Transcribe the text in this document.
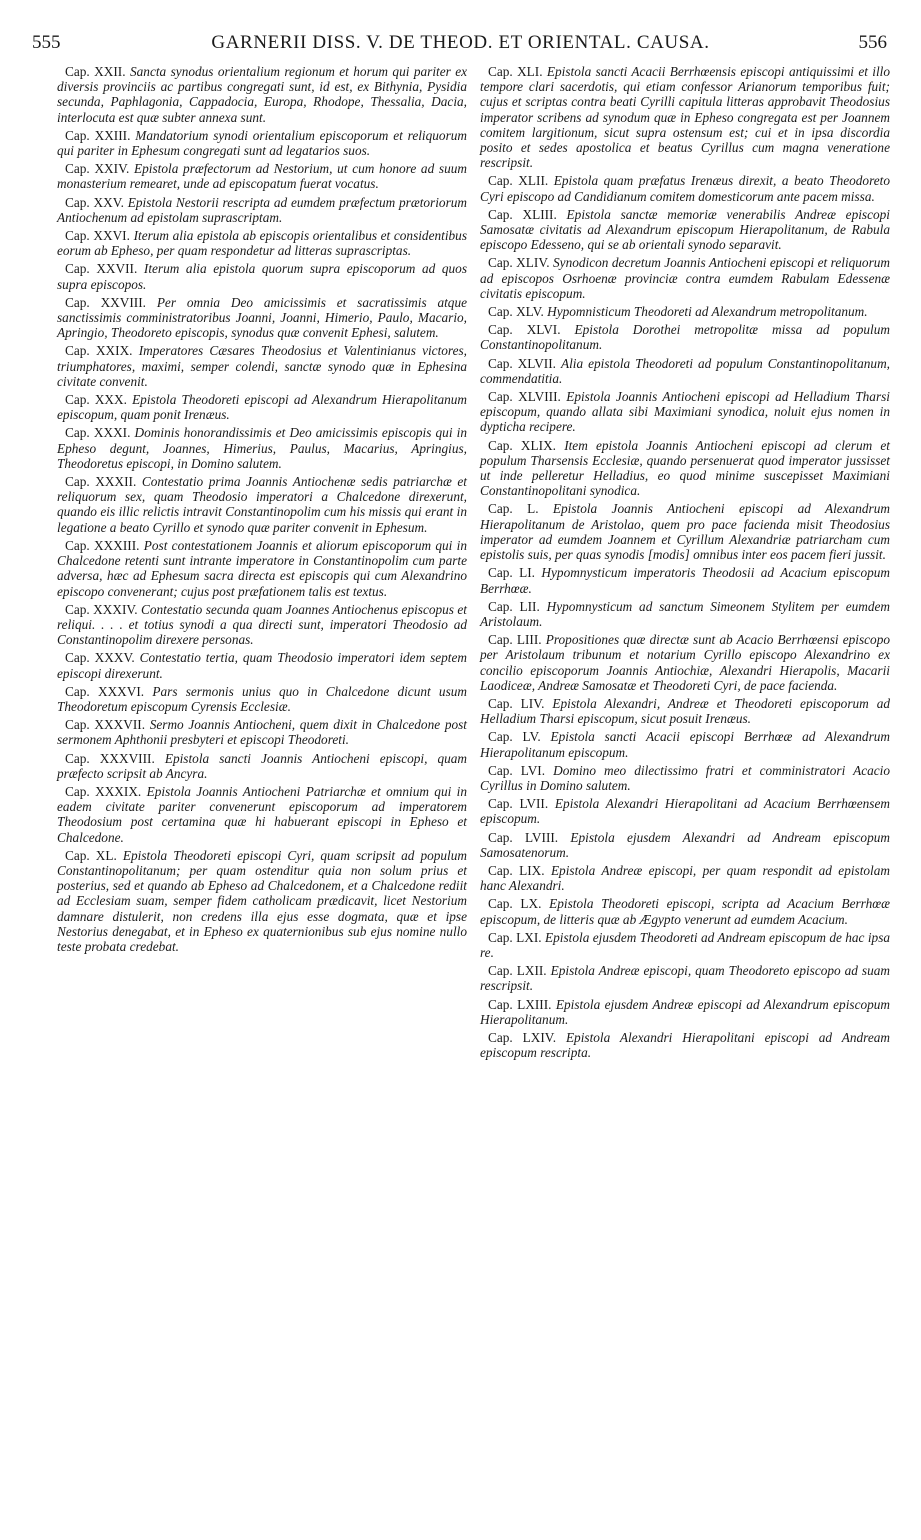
555	GARNERII DISS. V. DE THEOD. ET ORIENTAL. CAUSA.	556

Cap. XXII. Sancta synodus orientalium regionum et horum qui pariter ex diversis provinciis ac partibus congregati sunt, id est, ex Bithynia, Pysidia secunda, Paphlagonia, Cappadocia, Europa, Rhodope, Thessalia, Dacia, interlocuta est quæ subter annexa sunt.

Cap. XXIII. Mandatorium synodi orientalium episcoporum et reliquorum qui pariter in Ephesum congregati sunt ad legatarios suos.

Cap. XXIV. Epistola præfectorum ad Nestorium, ut cum honore ad suum monasterium remearet, unde ad episcopatum fuerat vocatus.

Cap. XXV. Epistola Nestorii rescripta ad eumdem præfectum prætoriorum Antiochenum ad epistolam suprascriptam.

Cap. XXVI. Iterum alia epistola ab episcopis orientalibus et considentibus eorum ab Epheso, per quam respondetur ad litteras suprascriptas.

Cap. XXVII. Iterum alia epistola quorum supra episcoporum ad quos supra episcopos.

Cap. XXVIII. Per omnia Deo amicissimis et sacratissimis atque sanctissimis comministratoribus Joanni, Joanni, Himerio, Paulo, Macario, Apringio, Theodoreto episcopis, synodus quæ convenit Ephesi, salutem.

Cap. XXIX. Imperatores Cæsares Theodosius et Valentinianus victores, triumphatores, maximi, semper colendi, sanctæ synodo quæ in Ephesina civitate convenit.

Cap. XXX. Epistola Theodoreti episcopi ad Alexandrum Hierapolitanum episcopum, quam ponit Irenæus.

Cap. XXXI. Dominis honorandissimis et Deo amicissimis episcopis qui in Epheso degunt, Joannes, Himerius, Paulus, Macarius, Apringius, Theodoretus episcopi, in Domino salutem.

Cap. XXXII. Contestatio prima Joannis Antiochenæ sedis patriarchæ et reliquorum sex, quam Theodosio imperatori a Chalcedone direxerunt, quando eis illic relictis intravit Constantinopolim cum his missis qui erant in legatione a beato Cyrillo et synodo quæ pariter convenit in Ephesum.

Cap. XXXIII. Post contestationem Joannis et aliorum episcoporum qui in Chalcedone retenti sunt intrante imperatore in Constantinopolim cum parte adversa, hæc ad Ephesum sacra directa est episcopis qui cum Alexandrino episcopo convenerant; cujus post præfationem talis est textus.

Cap. XXXIV. Contestatio secunda quam Joannes Antiochenus episcopus et reliqui. . . . et totius synodi a qua directi sunt, imperatori Theodosio ad Constantinopolim direxere personas.

Cap. XXXV. Contestatio tertia, quam Theodosio imperatori idem septem episcopi direxerunt.

Cap. XXXVI. Pars sermonis unius quo in Chalcedone dicunt usum Theodoretum episcopum Cyrensis Ecclesiæ.

Cap. XXXVII. Sermo Joannis Antiocheni, quem dixit in Chalcedone post sermonem Aphthonii presbyteri et episcopi Theodoreti.

Cap. XXXVIII. Epistola sancti Joannis Antiocheni episcopi, quam præfecto scripsit ab Ancyra.

Cap. XXXIX. Epistola Joannis Antiocheni Patriarchæ et omnium qui in eadem civitate pariter convenerunt episcoporum ad imperatorem Theodosium post certamina quæ hi habuerant episcopi in Epheso et Chalcedone.

Cap. XL. Epistola Theodoreti episcopi Cyri, quam scripsit ad populum Constantinopolitanum; per quam ostenditur quia non solum prius et posterius, sed et quando ab Epheso ad Chalcedonem, et a Chalcedone rediit ad Ecclesiam suam, semper fidem catholicam prædicavit, licet Nestorium damnare distulerit, non credens illa ejus esse dogmata, quæ et ipse Nestorius denegabat, et in Epheso ex quaternionibus sub ejus nomine nullo teste probata credebat.

Cap. XLI. Epistola sancti Acacii Berrhœensis episcopi antiquissimi et illo tempore clari sacerdotis, qui etiam confessor Arianorum temporibus fuit; cujus et scriptas contra beati Cyrilli capitula litteras approbavit Theodosius imperator scribens ad synodum quæ in Epheso congregata est per Joannem comitem largitionum, sicut supra ostensum est; cui et in ipsa discordia posito et sedes apostolica et beatus Cyrillus cum magna veneratione rescripsit.

Cap. XLII. Epistola quam præfatus Irenæus direxit, a beato Theodoreto Cyri episcopo ad Candidianum comitem domesticorum ante pacem missa.

Cap. XLIII. Epistola sanctæ memoriæ venerabilis Andreæ episcopi Samosatæ civitatis ad Alexandrum episcopum Hierapolitanum, de Rabula episcopo Edesseno, qui se ab orientali synodo separavit.

Cap. XLIV. Synodicon decretum Joannis Antiocheni episcopi et reliquorum ad episcopos Osrhoenæ provinciæ contra eumdem Rabulam Edessenæ civitatis episcopum.

Cap. XLV. Hypomnisticum Theodoreti ad Alexandrum metropolitanum.

Cap. XLVI. Epistola Dorothei metropolitæ missa ad populum Constantinopolitanum.

Cap. XLVII. Alia epistola Theodoreti ad populum Constantinopolitanum, commendatitia.

Cap. XLVIII. Epistola Joannis Antiocheni episcopi ad Helladium Tharsi episcopum, quando allata sibi Maximiani synodica, noluit ejus nomen in dypticha recipere.

Cap. XLIX. Item epistola Joannis Antiocheni episcopi ad clerum et populum Tharsensis Ecclesiæ, quando persenuerat quod imperator jussisset ut inde pelleretur Helladius, eo quod minime suscepisset Maximiani Constantinopolitani synodica.

Cap. L. Epistola Joannis Antiocheni episcopi ad Alexandrum Hierapolitanum de Aristolao, quem pro pace facienda misit Theodosius imperator ad eumdem Joannem et Cyrillum Alexandriæ patriarcham cum epistolis suis, per quas synodis [modis] omnibus inter eos pacem fieri jussit.

Cap. LI. Hypomnysticum imperatoris Theodosii ad Acacium episcopum Berrhœæ.

Cap. LII. Hypomnysticum ad sanctum Simeonem Stylitem per eumdem Aristolaum.

Cap. LIII. Propositiones quæ directæ sunt ab Acacio Berrhœensi episcopo per Aristolaum tribunum et notarium Cyrillo episcopo Alexandrino ex concilio episcoporum Joannis Antiochiæ, Alexandri Hierapolis, Macarii Laodiceæ, Andreæ Samosatæ et Theodoreti Cyri, de pace facienda.

Cap. LIV. Epistola Alexandri, Andreæ et Theodoreti episcoporum ad Helladium Tharsi episcopum, sicut posuit Irenæus.

Cap. LV. Epistola sancti Acacii episcopi Berrhœæ ad Alexandrum Hierapolitanum episcopum.

Cap. LVI. Domino meo dilectissimo fratri et comministratori Acacio Cyrillus in Domino salutem.

Cap. LVII. Epistola Alexandri Hierapolitani ad Acacium Berrhœensem episcopum.

Cap. LVIII. Epistola ejusdem Alexandri ad Andream episcopum Samosatenorum.

Cap. LIX. Epistola Andreæ episcopi, per quam respondit ad epistolam hanc Alexandri.

Cap. LX. Epistola Theodoreti episcopi, scripta ad Acacium Berrhœæ episcopum, de litteris quæ ab Ægypto venerunt ad eumdem Acacium.

Cap. LXI. Epistola ejusdem Theodoreti ad Andream episcopum de hac ipsa re.

Cap. LXII. Epistola Andreæ episcopi, quam Theodoreto episcopo ad suam rescripsit.

Cap. LXIII. Epistola ejusdem Andreæ episcopi ad Alexandrum episcopum Hierapolitanum.

Cap. LXIV. Epistola Alexandri Hierapolitani episcopi ad Andream episcopum rescripta.
